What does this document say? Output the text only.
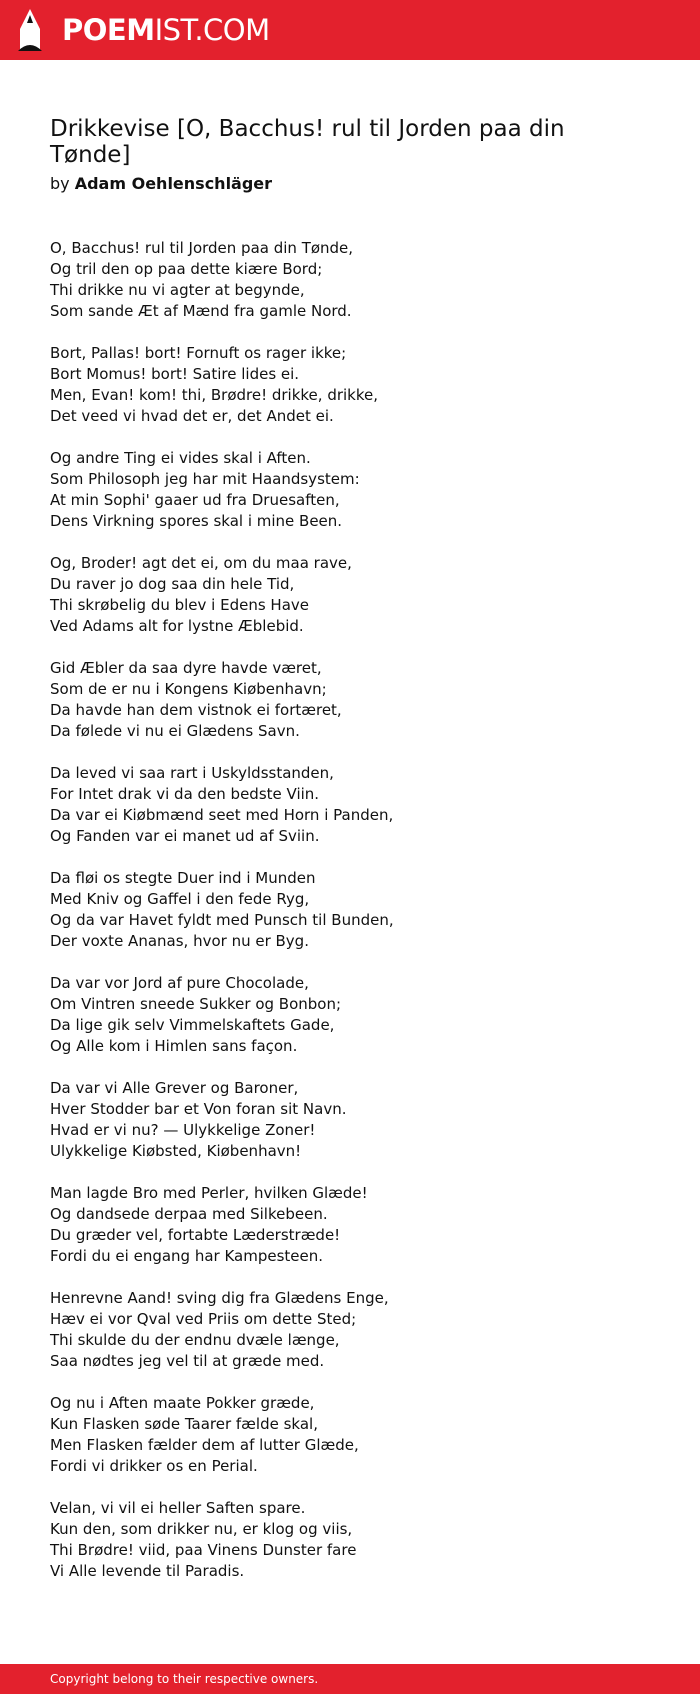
POEMIST.COM
Drikkevise [O, Bacchus! rul til Jorden paa din Tønde]
by Adam Oehlenschläger
O, Bacchus! rul til Jorden paa din Tønde,
Og tril den op paa dette kiære Bord;
Thi drikke nu vi agter at begynde,
Som sande Æt af Mænd fra gamle Nord.
Bort, Pallas! bort! Fornuft os rager ikke;
Bort Momus! bort! Satire lides ei.
Men, Evan! kom! thi, Brødre! drikke, drikke,
Det veed vi hvad det er, det Andet ei.
Og andre Ting ei vides skal i Aften.
Som Philosoph jeg har mit Haandsystem:
At min Sophi' gaaer ud fra Druesaften,
Dens Virkning spores skal i mine Been.
Og, Broder! agt det ei, om du maa rave,
Du raver jo dog saa din hele Tid,
Thi skrøbelig du blev i Edens Have
Ved Adams alt for lystne Æblebid.
Gid Æbler da saa dyre havde været,
Som de er nu i Kongens Kiøbenhavn;
Da havde han dem vistnok ei fortæret,
Da følede vi nu ei Glædens Savn.
Da leved vi saa rart i Uskyldsstanden,
For Intet drak vi da den bedste Viin.
Da var ei Kiøbmænd seet med Horn i Panden,
Og Fanden var ei manet ud af Sviin.
Da fløi os stegte Duer ind i Munden
Med Kniv og Gaffel i den fede Ryg,
Og da var Havet fyldt med Punsch til Bunden,
Der voxte Ananas, hvor nu er Byg.
Da var vor Jord af pure Chocolade,
Om Vintren sneede Sukker og Bonbon;
Da lige gik selv Vimmelskaftets Gade,
Og Alle kom i Himlen sans façon.
Da var vi Alle Grever og Baroner,
Hver Stodder bar et Von foran sit Navn.
Hvad er vi nu? — Ulykkelige Zoner!
Ulykkelige Kiøbsted, Kiøbenhavn!
Man lagde Bro med Perler, hvilken Glæde!
Og dandsede derpaa med Silkebeen.
Du græder vel, fortabte Læderstræde!
Fordi du ei engang har Kampesteen.
Henrevne Aand! sving dig fra Glædens Enge,
Hæv ei vor Qval ved Priis om dette Sted;
Thi skulde du der endnu dvæle længe,
Saa nødtes jeg vel til at græde med.
Og nu i Aften maate Pokker græde,
Kun Flasken søde Taarer fælde skal,
Men Flasken fælder dem af lutter Glæde,
Fordi vi drikker os en Perial.
Velan, vi vil ei heller Saften spare.
Kun den, som drikker nu, er klog og viis,
Thi Brødre! viid, paa Vinens Dunster fare
Vi Alle levende til Paradis.
Copyright belong to their respective owners.
